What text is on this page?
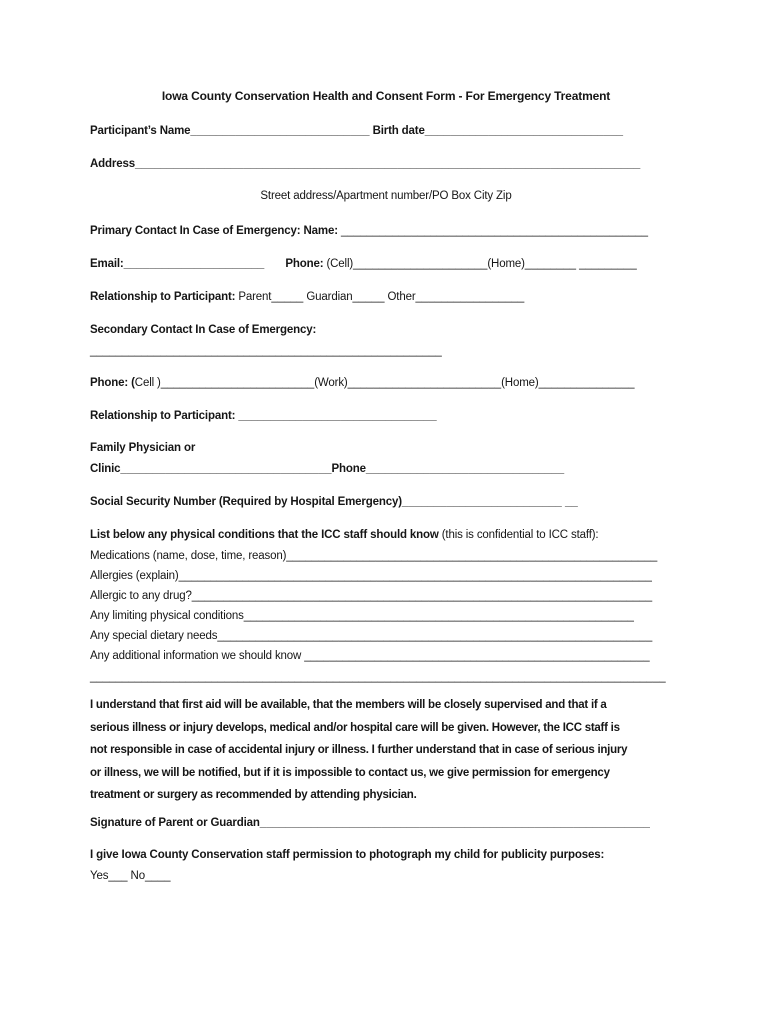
Iowa County Conservation Health and Consent Form - For Emergency Treatment
Participant’s Name____________________________ Birth date_______________________________
Address_______________________________________________________________________________
Street address/Apartment number/PO Box City Zip
Primary Contact In Case of Emergency: Name: ________________________________________________
Email:______________________ Phone: (Cell)_____________________(Home)________ _________
Relationship to Participant: Parent_____ Guardian_____ Other_________________
Secondary Contact In Case of Emergency:
_______________________________________________________
Phone: (Cell )________________________(Work)________________________(Home)_______________
Relationship to Participant: _______________________________
Family Physician or
Clinic_________________________________Phone_______________________________
Social Security Number (Required by Hospital Emergency)_________________________ __
List below any physical conditions that the ICC staff should know (this is confidential to ICC staff):
Medications (name, dose, time, reason)__________________________________________________________
Allergies (explain)__________________________________________________________________________
Allergic to any drug?________________________________________________________________________
Any limiting physical conditions_____________________________________________________________
Any special dietary needs____________________________________________________________________
Any additional information we should know ______________________________________________________
__________________________________________________________________________________________
I understand that first aid will be available, that the members will be closely supervised and that if a
serious illness or injury develops, medical and/or hospital care will be given. However, the ICC staff is
not responsible in case of accidental injury or illness. I further understand that in case of serious injury
or illness, we will be notified, but if it is impossible to contact us, we give permission for emergency
treatment or surgery as recommended by attending physician.
Signature of Parent or Guardian_____________________________________________________________
I give Iowa County Conservation staff permission to photograph my child for publicity purposes:
Yes___ No____
